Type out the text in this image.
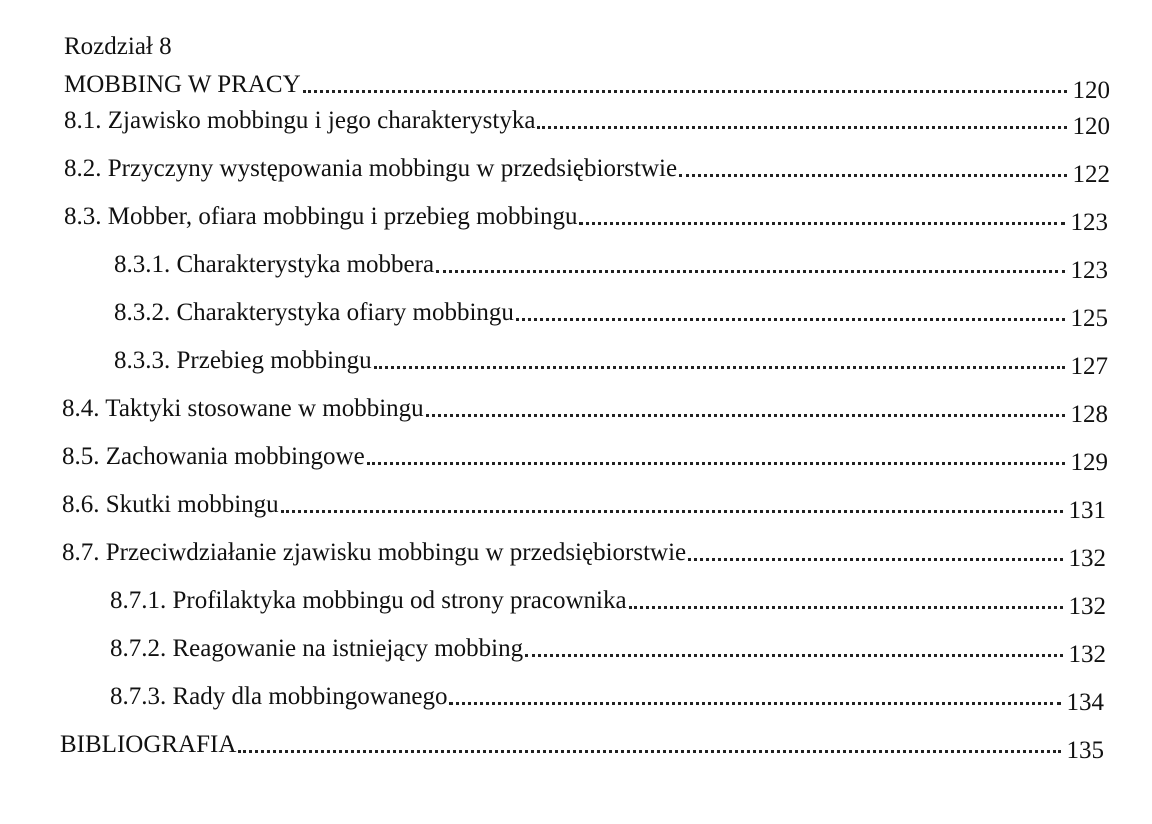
Rozdział 8
MOBBING W PRACY	120
8.1. Zjawisko mobbingu i jego charakterystyka	120
8.2. Przyczyny występowania mobbingu w przedsiębiorstwie	122
8.3. Mobber, ofiara mobbingu i przebieg mobbingu	123
8.3.1. Charakterystyka mobbera	123
8.3.2. Charakterystyka ofiary mobbingu	125
8.3.3. Przebieg mobbingu	127
8.4. Taktyki stosowane w mobbingu	128
8.5. Zachowania mobbingowe	129
8.6. Skutki mobbingu	131
8.7. Przeciwdziałanie zjawisku mobbingu w przedsiębiorstwie	132
8.7.1. Profilaktyka mobbingu od strony pracownika	132
8.7.2. Reagowanie na istniejący mobbing	132
8.7.3. Rady dla mobbingowanego	134
BIBLIOGRAFIA	135
